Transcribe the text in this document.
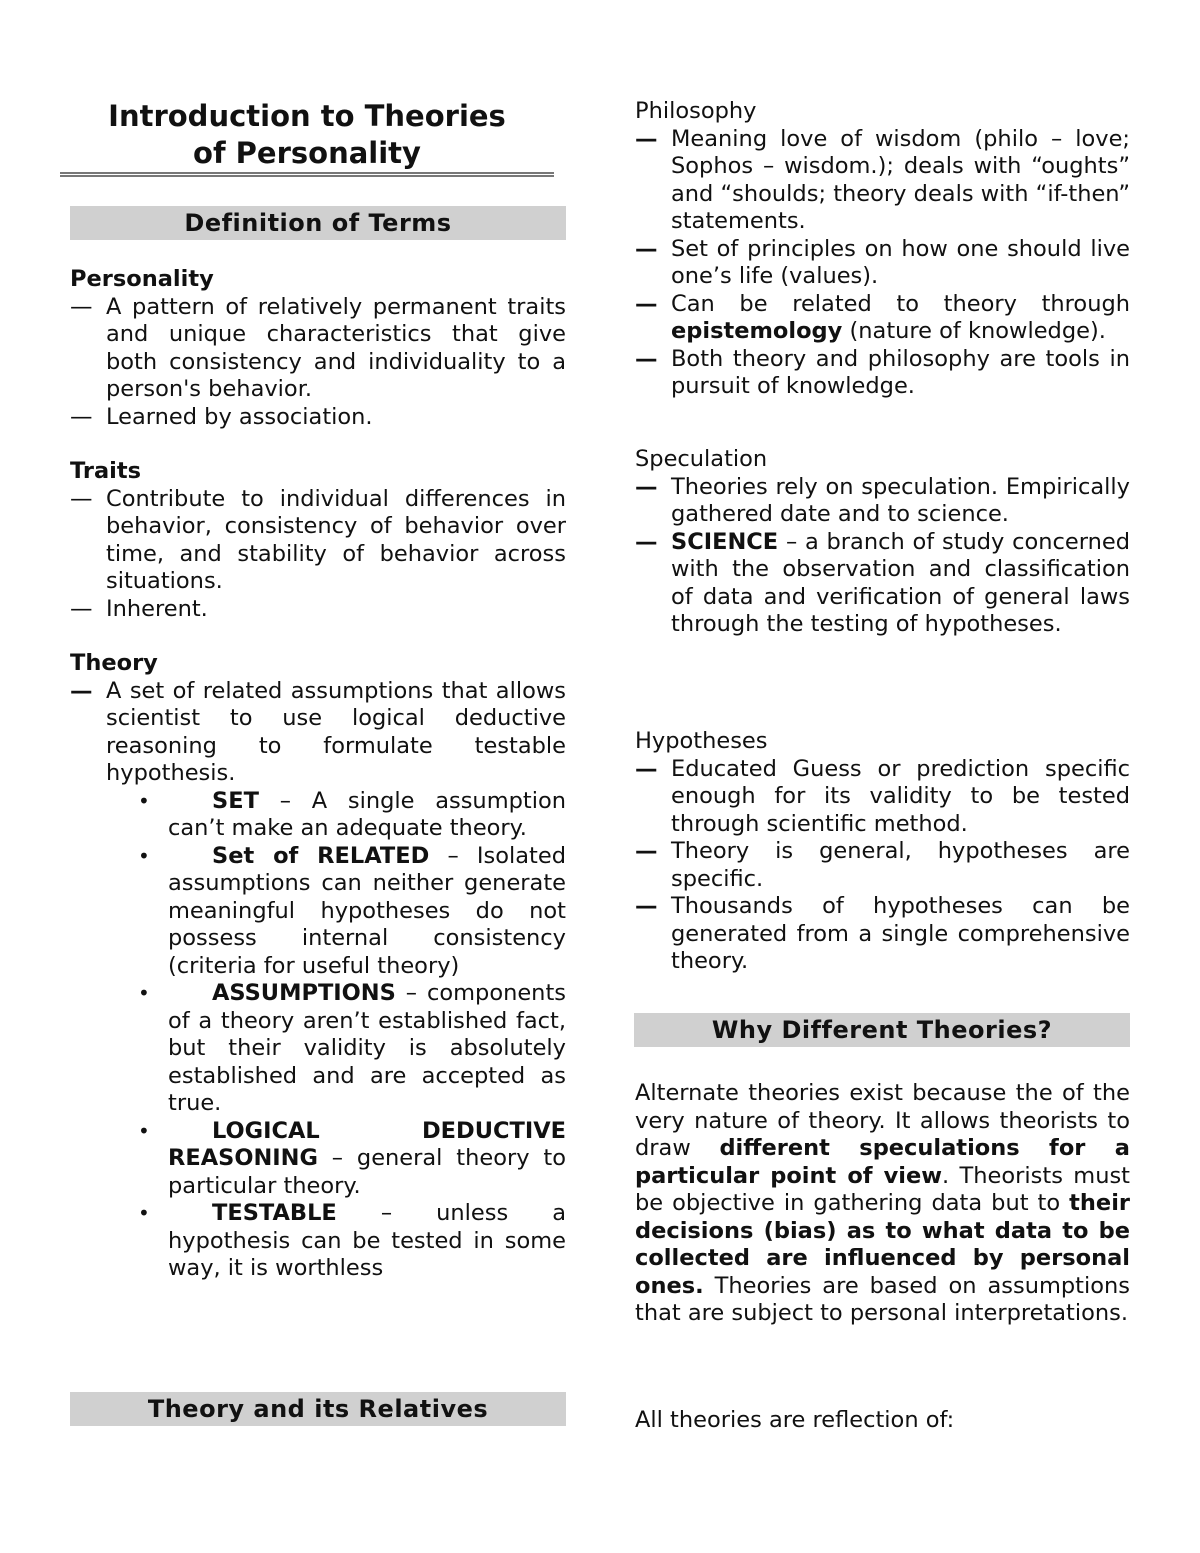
Introduction to Theories
of Personality
Definition of Terms
Personality
— A pattern of relatively permanent traits and unique characteristics that give both consistency and individuality to a person's behavior.
— Learned by association.
Traits
— Contribute to individual differences in behavior, consistency of behavior over time, and stability of behavior across situations.
— Inherent.
Theory
— A set of related assumptions that allows scientist to use logical deductive reasoning to formulate testable hypothesis.
•	SET – A single assumption can’t make an adequate theory.
•	Set of RELATED – Isolated assumptions can neither generate meaningful hypotheses do not possess internal consistency (criteria for useful theory)
•	ASSUMPTIONS – components of a theory aren’t established fact, but their validity is absolutely established and are accepted as true.
•	LOGICAL DEDUCTIVE REASONING – general theory to particular theory.
•	TESTABLE – unless a hypothesis can be tested in some way, it is worthless
Theory and its Relatives
Philosophy
— Meaning love of wisdom (philo – love; Sophos – wisdom.); deals with “oughts” and “shoulds; theory deals with “if-then” statements.
— Set of principles on how one should live one’s life (values).
— Can be related to theory through epistemology (nature of knowledge).
— Both theory and philosophy are tools in pursuit of knowledge.
Speculation
— Theories rely on speculation. Empirically gathered date and to science.
— SCIENCE – a branch of study concerned with the observation and classification of data and verification of general laws through the testing of hypotheses.
Hypotheses
— Educated Guess or prediction specific enough for its validity to be tested through scientific method.
— Theory is general, hypotheses are specific.
— Thousands of hypotheses can be generated from a single comprehensive theory.
Why Different Theories?
Alternate theories exist because the of the very nature of theory. It allows theorists to draw different speculations for a particular point of view. Theorists must be objective in gathering data but to their decisions (bias) as to what data to be collected are influenced by personal ones. Theories are based on assumptions that are subject to personal interpretations.
All theories are reflection of:
